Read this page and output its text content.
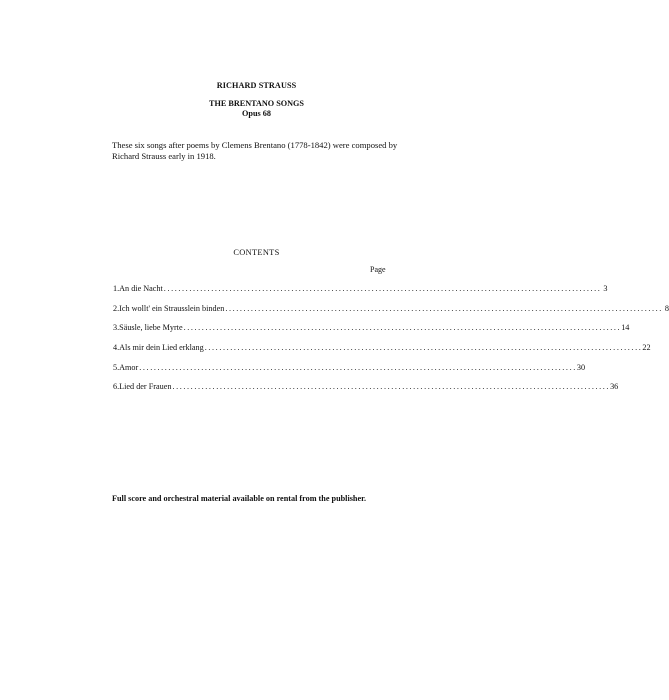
RICHARD STRAUSS
THE BRENTANO SONGS
Opus 68
These six songs after poems by Clemens Brentano (1778-1842) were composed by
Richard Strauss early in 1918.
CONTENTS
Page
1. An die Nacht ........................................................................................................................ 3
2. Ich wollt' ein Strausslein binden ........................................................................................................................ 8
3. Säusle, liebe Myrte ........................................................................................................................ 14
4. Als mir dein Lied erklang ........................................................................................................................ 22
5. Amor ........................................................................................................................ 30
6. Lied der Frauen ........................................................................................................................ 36
Full score and orchestral material available on rental from the publisher.
